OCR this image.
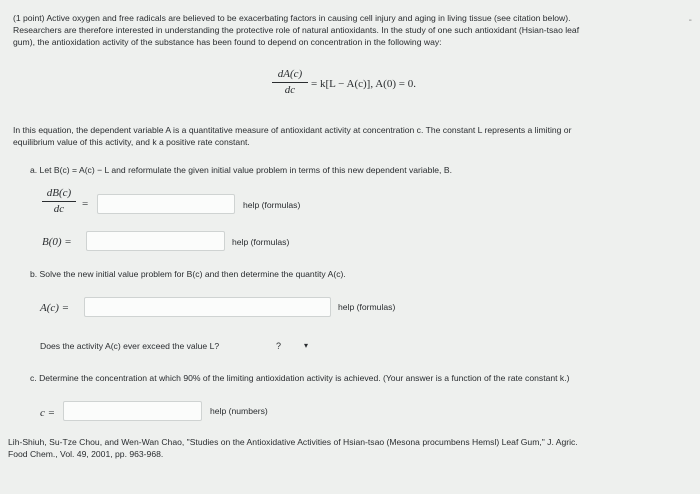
(1 point) Active oxygen and free radicals are believed to be exacerbating factors in causing cell injury and aging in living tissue (see citation below).
Researchers are therefore interested in understanding the protective role of natural antioxidants. In the study of one such antioxidant (Hsian-tsao leaf
gum), the antioxidation activity of the substance has been found to depend on concentration in the following way:
-
dA(c)
dc	= k[L − A(c)], A(0) = 0.
In this equation, the dependent variable A is a quantitative measure of antioxidant activity at concentration c. The constant L represents a limiting or
equilibrium value of this activity, and k a positive rate constant.
a. Let B(c) = A(c) − L and reformulate the given initial value problem in terms of this new dependent variable, B.
dB(c)
dc	=	help (formulas)
B(0) =	help (formulas)
b. Solve the new initial value problem for B(c) and then determine the quantity A(c).
A(c) =	help (formulas)
Does the activity A(c) ever exceed the value L?	?	▾
c. Determine the concentration at which 90% of the limiting antioxidation activity is achieved. (Your answer is a function of the rate constant k.)
c =	help (numbers)
Lih-Shiuh, Su-Tze Chou, and Wen-Wan Chao, "Studies on the Antioxidative Activities of Hsian-tsao (Mesona procumbens Hemsl) Leaf Gum," J. Agric.
Food Chem., Vol. 49, 2001, pp. 963-968.
